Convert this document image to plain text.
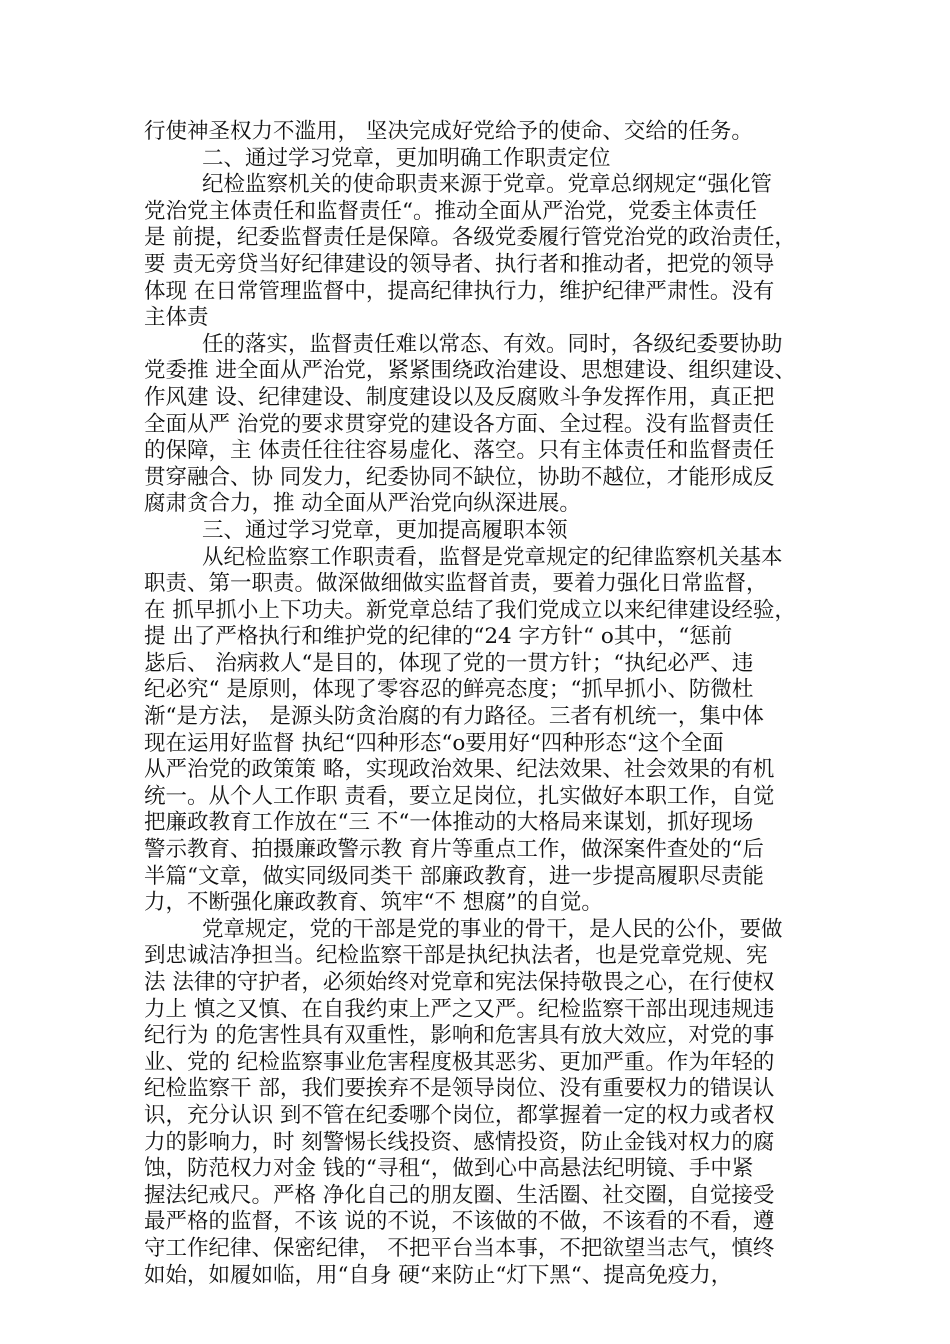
行使神圣权力不滥用， 坚决完成好党给予的使命、交给的任务。
二、通过学习党章，更加明确工作职责定位
纪检监察机关的使命职责来源于党章。党章总纲规定“强化管
党治党主体责任和监督责任“。推动全面从严治党，党委主体责任
是 前提，纪委监督责任是保障。各级党委履行管党治党的政治责任，
要 责无旁贷当好纪律建设的领导者、执行者和推动者，把党的领导
体现 在日常管理监督中，提高纪律执行力，维护纪律严肃性。没有
主体责
任的落实，监督责任难以常态、有效。同时，各级纪委要协助
党委推 进全面从严治党，紧紧围绕政治建设、思想建设、组织建设、
作风建 设、纪律建设、制度建设以及反腐败斗争发挥作用，真正把
全面从严 治党的要求贯穿党的建设各方面、全过程。没有监督责任
的保障，主 体责任往往容易虚化、落空。只有主体责任和监督责任
贯穿融合、协 同发力，纪委协同不缺位，协助不越位，才能形成反
腐肃贪合力，推 动全面从严治党向纵深进展。
三、通过学习党章，更加提高履职本领
从纪检监察工作职责看，监督是党章规定的纪律监察机关基本
职责、第一职责。做深做细做实监督首责，要着力强化日常监督，
在 抓早抓小上下功夫。新党章总结了我们党成立以来纪律建设经验，
提 出了严格执行和维护党的纪律的“24 字方针“ o其中，“惩前
毖后、 治病救人“是目的，体现了党的一贯方针；“执纪必严、违
纪必究“ 是原则，体现了零容忍的鲜亮态度；“抓早抓小、防微杜
渐“是方法， 是源头防贪治腐的有力路径。三者有机统一，集中体
现在运用好监督 执纪“四种形态“o要用好“四种形态“这个全面
从严治党的政策策 略，实现政治效果、纪法效果、社会效果的有机
统一。从个人工作职 责看，要立足岗位，扎实做好本职工作，自觉
把廉政教育工作放在“三 不“一体推动的大格局来谋划，抓好现场
警示教育、拍摄廉政警示教 育片等重点工作，做深案件查处的“后
半篇“文章，做实同级同类干 部廉政教育，进一步提高履职尽责能
力，不断强化廉政教育、筑牢“不 想腐”的自觉。
党章规定，党的干部是党的事业的骨干，是人民的公仆，要做
到忠诚洁净担当。纪检监察干部是执纪执法者，也是党章党规、宪
法 法律的守护者，必须始终对党章和宪法保持敬畏之心，在行使权
力上 慎之又慎、在自我约束上严之又严。纪检监察干部出现违规违
纪行为 的危害性具有双重性，影响和危害具有放大效应，对党的事
业、党的 纪检监察事业危害程度极其恶劣、更加严重。作为年轻的
纪检监察干 部，我们要挨弃不是领导岗位、没有重要权力的错误认
识，充分认识 到不管在纪委哪个岗位，都掌握着一定的权力或者权
力的影响力，时 刻警惕长线投资、感情投资，防止金钱对权力的腐
蚀，防范权力对金 钱的“寻租“，做到心中高悬法纪明镜、手中紧
握法纪戒尺。严格 净化自己的朋友圈、生活圈、社交圈，自觉接受
最严格的监督，不该 说的不说，不该做的不做，不该看的不看，遵
守工作纪律、保密纪律， 不把平台当本事，不把欲望当志气，慎终
如始，如履如临，用“自身 硬“来防止“灯下黑“、提高免疫力，
